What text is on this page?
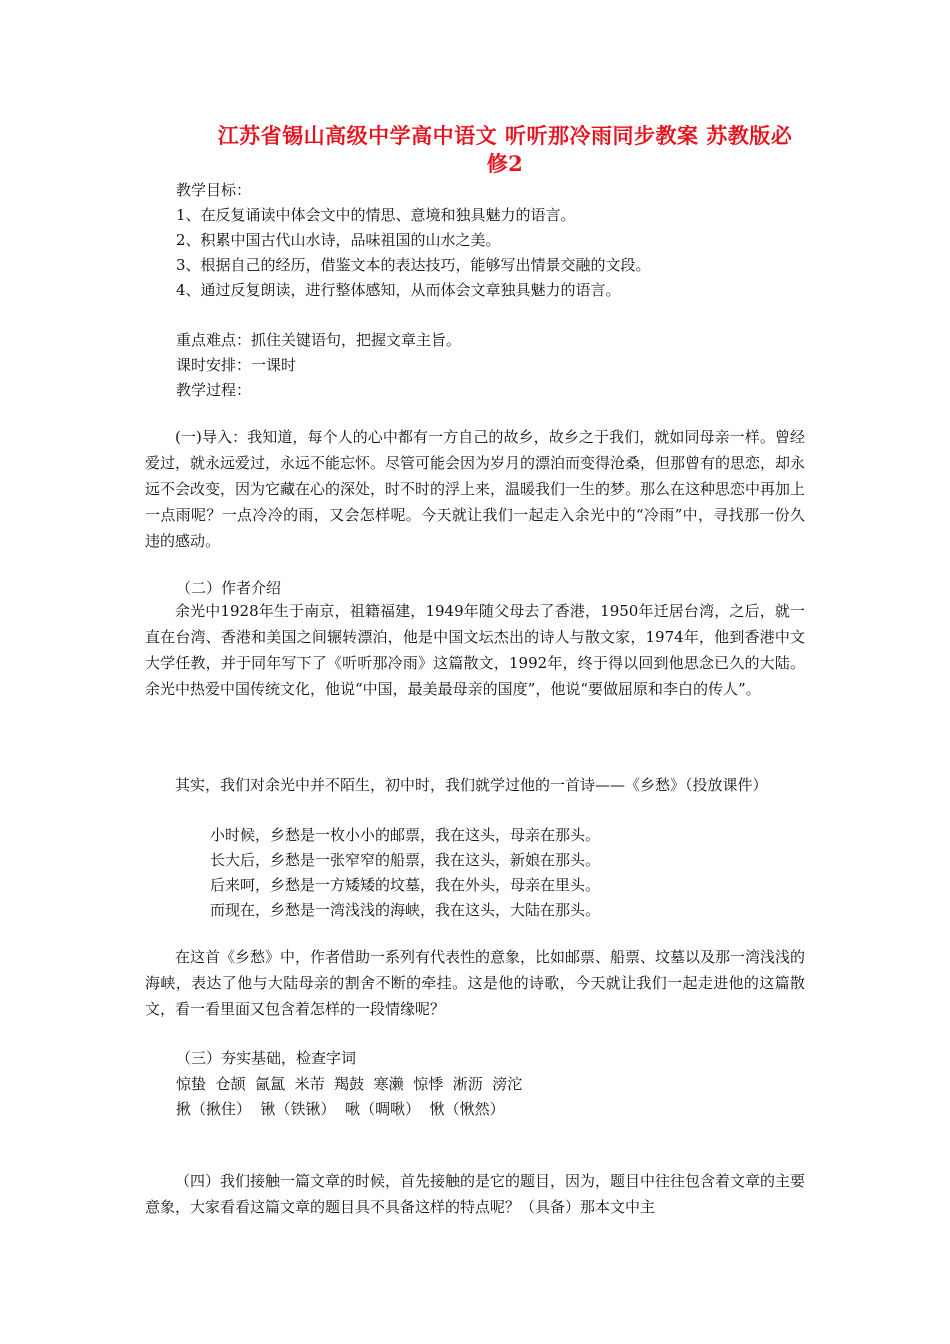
江苏省锡山高级中学高中语文 听听那冷雨同步教案 苏教版必
修2
教学目标：
1、在反复诵读中体会文中的情思、意境和独具魅力的语言。
2、积累中国古代山水诗，品味祖国的山水之美。
3、根据自己的经历，借鉴文本的表达技巧，能够写出情景交融的文段。
4、通过反复朗读，进行整体感知，从而体会文章独具魅力的语言。
重点难点：抓住关键语句，把握文章主旨。
课时安排：一课时
教学过程：
(一)导入：我知道，每个人的心中都有一方自己的故乡，故乡之于我们，就如同母亲一样。曾经爱过，就永远爱过，永远不能忘怀。尽管可能会因为岁月的漂泊而变得沧桑，但那曾有的思恋，却永远不会改变，因为它藏在心的深处，时不时的浮上来，温暖我们一生的梦。那么在这种思恋中再加上一点雨呢？一点冷冷的雨，又会怎样呢。今天就让我们一起走入余光中的“冷雨”中，寻找那一份久违的感动。
（二）作者介绍
余光中1928年生于南京，祖籍福建，1949年随父母去了香港，1950年迁居台湾，之后，就一直在台湾、香港和美国之间辗转漂泊，他是中国文坛杰出的诗人与散文家，1974年，他到香港中文大学任教，并于同年写下了《听听那冷雨》这篇散文，1992年，终于得以回到他思念已久的大陆。余光中热爱中国传统文化，他说“中国，最美最母亲的国度”，他说“要做屈原和李白的传人”。
其实，我们对余光中并不陌生，初中时，我们就学过他的一首诗——《乡愁》（投放课件）
小时候，乡愁是一枚小小的邮票，我在这头，母亲在那头。
长大后，乡愁是一张窄窄的船票，我在这头，新娘在那头。
后来呵，乡愁是一方矮矮的坟墓，我在外头，母亲在里头。
而现在，乡愁是一湾浅浅的海峡，我在这头，大陆在那头。
在这首《乡愁》中，作者借助一系列有代表性的意象，比如邮票、船票、坟墓以及那一湾浅浅的海峡，表达了他与大陆母亲的割舍不断的牵挂。这是他的诗歌，今天就让我们一起走进他的这篇散文，看一看里面又包含着怎样的一段情缘呢？
（三）夯实基础，检查字词
惊蛰  仓颉  氤氲  米芾  羯鼓  寒濑  惊悸  淅沥  滂沱
揪（揪住）  锹（铁锹）  啾（啁啾）  愀（愀然）
（四）我们接触一篇文章的时候，首先接触的是它的题目，因为，题目中往往包含着文章的主要意象，大家看看这篇文章的题目具不具备这样的特点呢？（具备）那本文中主
